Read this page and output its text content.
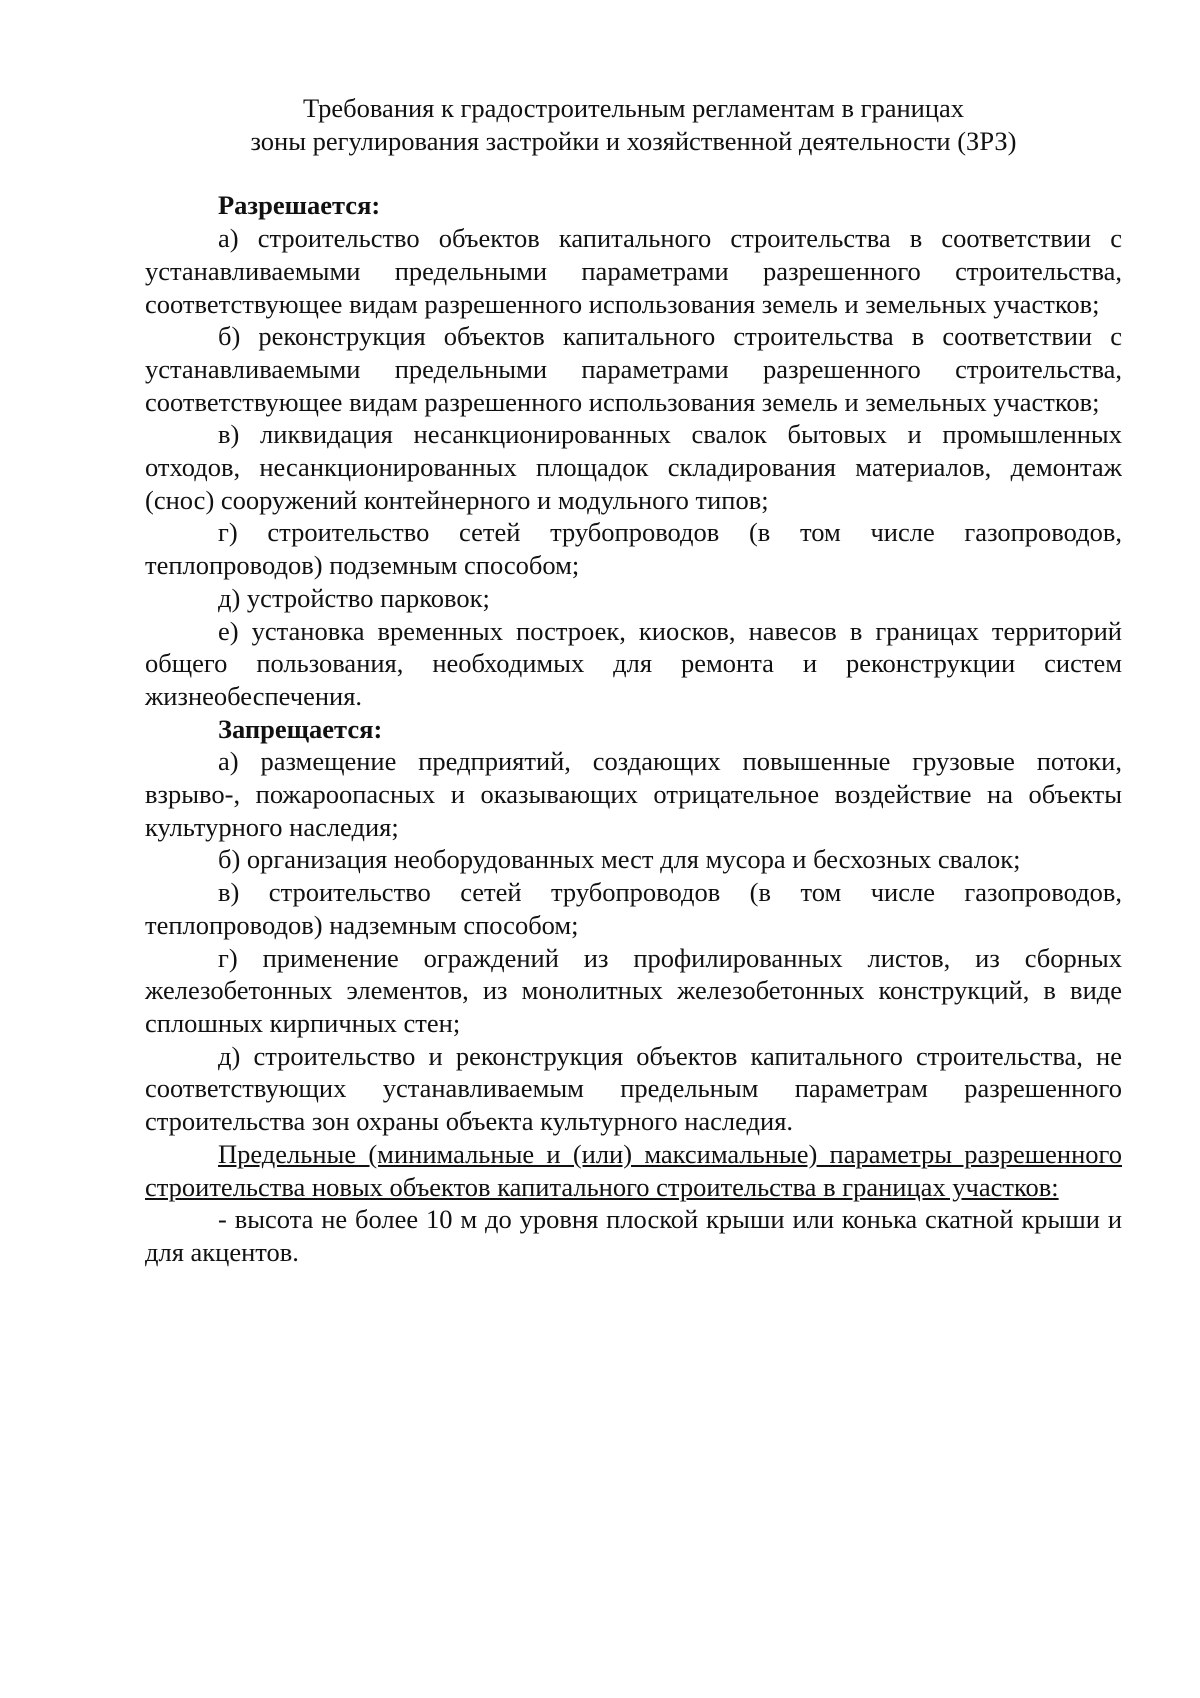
Требования к градостроительным регламентам в границах
зоны регулирования застройки и хозяйственной деятельности (ЗРЗ)

Разрешается:

а) строительство объектов капитального строительства в соответствии с устанавливаемыми предельными параметрами разрешенного строительства, соответствующее видам разрешенного использования земель и земельных участков;

б) реконструкция объектов капитального строительства в соответствии с устанавливаемыми предельными параметрами разрешенного строительства, соответствующее видам разрешенного использования земель и земельных участков;

в) ликвидация несанкционированных свалок бытовых и промышленных отходов, несанкционированных площадок складирования материалов, демонтаж (снос) сооружений контейнерного и модульного типов;

г) строительство сетей трубопроводов (в том числе газопроводов, теплопроводов) подземным способом;

д) устройство парковок;

е) установка временных построек, киосков, навесов в границах территорий общего пользования, необходимых для ремонта и реконструкции систем жизнеобеспечения.

Запрещается:

а) размещение предприятий, создающих повышенные грузовые потоки, взрыво-, пожароопасных и оказывающих отрицательное воздействие на объекты культурного наследия;

б) организация необорудованных мест для мусора и бесхозных свалок;

в) строительство сетей трубопроводов (в том числе газопроводов, теплопроводов) надземным способом;

г) применение ограждений из профилированных листов, из сборных железобетонных элементов, из монолитных железобетонных конструкций, в виде сплошных кирпичных стен;

д) строительство и реконструкция объектов капитального строительства, не соответствующих устанавливаемым предельным параметрам разрешенного строительства зон охраны объекта культурного наследия.

Предельные (минимальные и (или) максимальные) параметры разрешенного строительства новых объектов капитального строительства в границах участков:

- высота не более 10 м до уровня плоской крыши или конька скатной крыши и для акцентов.
